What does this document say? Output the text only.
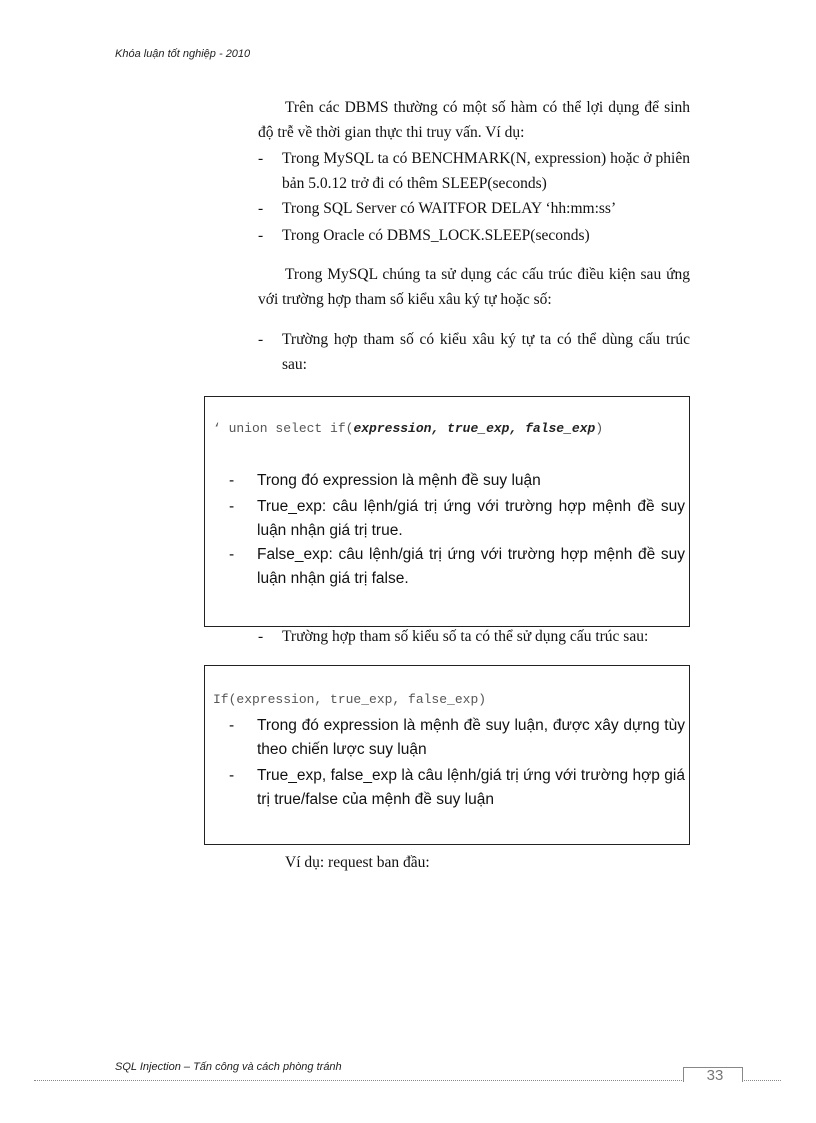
Khóa luận tốt nghiệp - 2010

Trên các DBMS thường có một số hàm có thể lợi dụng để sinh độ trễ về thời gian thực thi truy vấn. Ví dụ:

- Trong MySQL ta có BENCHMARK(N, expression) hoặc ở phiên bản 5.0.12 trở đi có thêm SLEEP(seconds)
- Trong SQL Server có WAITFOR DELAY ‘hh:mm:ss’
- Trong Oracle có DBMS_LOCK.SLEEP(seconds)

Trong MySQL chúng ta sử dụng các cấu trúc điều kiện sau ứng với trường hợp tham số kiểu xâu ký tự hoặc số:

- Trường hợp tham số có kiểu xâu ký tự ta có thể dùng cấu trúc sau:
‘ union select if(expression, true_exp, false_exp)
- Trong đó expression là mệnh đề suy luận
- True_exp: câu lệnh/giá trị ứng với trường hợp mệnh đề suy luận nhận giá trị true.
- False_exp: câu lệnh/giá trị ứng với trường hợp mệnh đề suy luận nhận giá trị false.
- Trường hợp tham số kiểu số ta có thể sử dụng cấu trúc sau:
If(expression, true_exp, false_exp)
- Trong đó expression là mệnh đề suy luận, được xây dựng tùy theo chiến lược suy luận
- True_exp, false_exp là câu lệnh/giá trị ứng với trường hợp giá trị true/false của mệnh đề suy luận

Ví dụ: request ban đầu:

SQL Injection – Tấn công và cách phòng tránh	33
